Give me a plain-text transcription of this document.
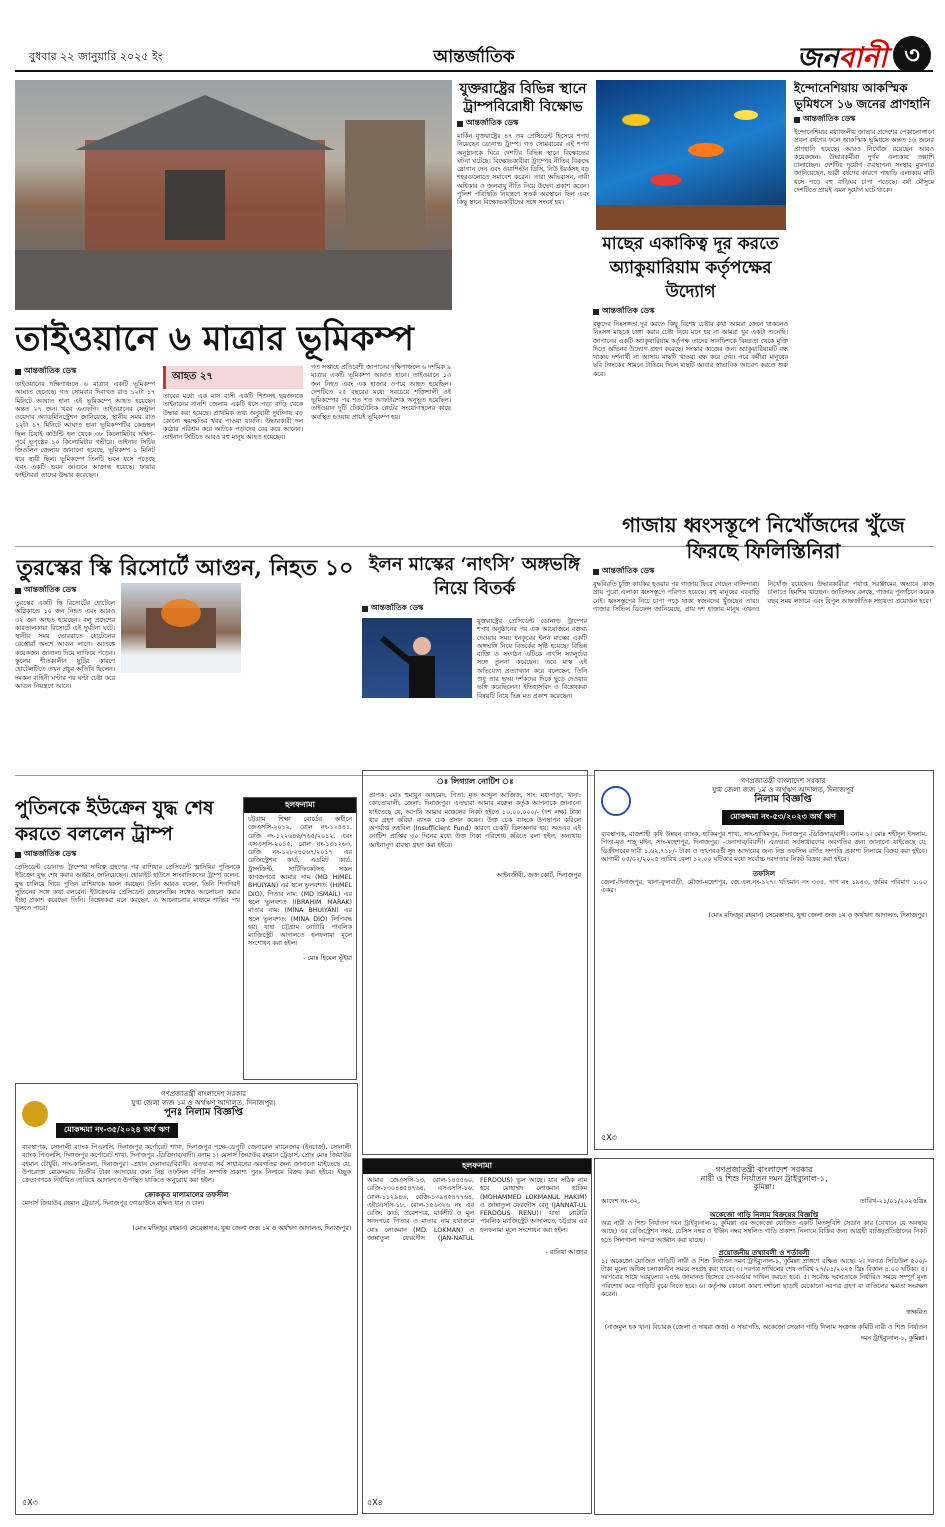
বুধবার ২২ জানুয়ারি ২০২৫ ইং	আন্তর্জাতিক	জনবানী ৩
যুক্তরাষ্ট্রের বিভিন্ন স্থানে ট্রাম্পবিরোধী বিক্ষোভ
আন্তর্জাতিক ডেস্ক
মার্কিন যুক্তরাষ্ট্রের ৪৭ তম প্রেসিডেন্ট হিসেবে শপথ নিয়েছেন ডোনাল্ড ট্রাম্প। গত সোমবারের এই শপথ অনুষ্ঠানকে ঘিরে দেশটির বিভিন্ন স্থানে বিক্ষোভের ঘটনা ঘটেছে। বিক্ষোভকারীরা ট্রাম্পের নীতির বিরুদ্ধে স্লোগান দেন এবং ওয়াশিংটন ডিসি, নিউ ইয়র্কসহ বড় শহরগুলোতে সমাবেশ করেন। তারা অভিবাসন, নারী অধিকার ও জলবায়ু নীতি নিয়ে উদ্বেগ প্রকাশ করেন। পুলিশ পরিস্থিতি নিয়ন্ত্রণে সতর্ক অবস্থানে ছিল এবং কিছু স্থানে বিক্ষোভকারীদের সঙ্গে সংঘর্ষ হয়।
মাছের একাকিত্ব দূর করতে অ্যাকুয়ারিয়াম কর্তৃপক্ষের উদ্যোগ
আন্তর্জাতিক ডেস্ক
বন্ধুদের নিঃসঙ্গতা দূর করতে কিছু বিশেষ চেষ্টার কথা আমরা জেনে থাকলেও নিঃসঙ্গ মাছকে চাঙ্গা করার চেষ্টা নিয়ে মনে হয় না আমরা খুব একটা শুনেছি। জাপানের একটি অ্যাকুয়ারিয়াম কর্তৃপক্ষ তাদের সানফিশকে বিষণ্ণতা থেকে মুক্তি দিতে অভিনব উদ্যোগ গ্রহণ করেছে। সংস্কার কাজের জন্য অ্যাকুয়ারিয়ামটি বন্ধ থাকায় দর্শনার্থী না আসায় মাছটি খাওয়া বন্ধ করে দেয়। পরে কর্মীরা মানুষের ছবি ট্যাংকের সামনে টাঙিয়ে দিলে মাছটি আবার স্বাভাবিক আচরণ করতে শুরু করে।
ইন্দোনেশিয়ায় আকস্মিক ভূমিধসে ১৬ জনের প্রাণহানি
আন্তর্জাতিক ডেস্ক
ইন্দোনেশিয়ার মধ্যাঞ্চলীয় জাভার প্রদেশের পেকালোঙ্গানে প্রবল বর্ষণের ফলে আকস্মিক ভূমিধসে অন্তত ১৬ জনের প্রাণহানি হয়েছে। আরও নিখোঁজ রয়েছেন আরও কয়েকজন। উদ্ধারকর্মীরা দুর্গম এলাকায় তল্লাশি চালাচ্ছেন। দেশটির দুর্যোগ ব্যবস্থাপনা সংস্থার মুখপাত্র জানিয়েছেন, ভারী বর্ষণের কারণে পাহাড়ি এলাকায় মাটি ধসে পড়ে বহু বাড়িঘর চাপা পড়েছে। বর্ষা মৌসুমে দেশটিতে প্রায়ই এমন দুর্যোগ ঘটে থাকে।
তাইওয়ানে ৬ মাত্রার ভূমিকম্প
আন্তর্জাতিক ডেস্ক
তাইওয়ানের দক্ষিণাঞ্চলে ৬ মাত্রার একটি ভূমিকম্প আঘাত হেনেছে। গত সোমবার দিবাগত রাত ১২টা ১৭ মিনিটে আঘাত হানা এই ভূমিকম্পে আহত হয়েছেন অন্তত ২৭ জন। খবর এএফপি। তাইওয়ানের সেন্ট্রাল ওয়েদার অ্যাডমিনিস্ট্রেশন জানিয়েছে, স্থানীয় সময় রাত ১২টা ১৭ মিনিটে আঘাত হানা ভূমিকম্পটির কেন্দ্রস্থল ছিল চিয়াই কাউন্টি হল থেকে ৩৮ কিলোমিটার দক্ষিণ-পূর্বে ভূপৃষ্ঠের ১০ কিলোমিটার গভীরে। তাইনান সিটির জিওলিন জেলায় জানানো হয়েছে, ভূমিকম্প ১ মিনিট ধরে স্থায়ী ছিল। ভূমিকম্পে তিনটি ভবন ধসে পড়েছে এবং একটি ভবন আগুনে আক্রান্ত হয়েছে। ফায়ার ফাইটাররা তাদের উদ্ধার করেছেন।
আহত ২৭
তারের মধ্যে এক মাস বাসী একটি শিশুসহ ছয়জনকে তাইনানের নানশি জেলায় একটি ধসে পড়া বাড়ি থেকে উদ্ধার করা হয়েছে। প্রাথমিক তথ্য অনুযায়ী দুর্ঘটনায় বড় কোনো ক্ষয়ক্ষতির খবর পাওয়া যায়নি। উদ্ধারকারী দল কঠোর পরিশ্রম করে আটকে পড়াদের বের করে আনেন। তাইনান সিটিতে আরও বহু মানুষ আহত হয়েছেন।
গত সপ্তাহে প্রতিবেশী জাপানের দক্ষিণাঞ্চলে ৬ দশমিক ৯ মাত্রার একটি ভূমিকম্প আঘাত হানে। তাইওয়ানে ১৩ জন নিহত এবং এক হাজার ওপরে আহত হয়েছিল। দেশটিতে ২৫ বছরের মধ্যে সবচেয়ে শক্তিশালী ওই ভূমিকম্পের পর শত শত আফটারশক অনুভূত হয়েছিল। তাইওয়ান দুটি টেকটোনিক প্লেটের সংযোগস্থলের কাছে অবস্থিত হওয়ায় প্রায়ই ভূমিকম্প হয়।
গাজায় ধ্বংসস্তূপে নিখোঁজদের খুঁজে ফিরছে ফিলিস্তিনিরা
আন্তর্জাতিক ডেস্ক
যুদ্ধবিরতি চুক্তি কার্যকর হওয়ার পর গাজায় ফিরে গেছেন বাসিন্দারা। প্রায় পুরো এলাকা ধ্বংসস্তূপে পরিণত হয়েছে। বহু মানুষের ঘরবাড়ি নেই। ধ্বংসস্তূপের নিচে চাপা পড়ে থাকা স্বজনদের খুঁজছেন তারা। গাজার সিভিল ডিফেন্স জানিয়েছে, প্রায় দশ হাজার মানুষ এখনও নিখোঁজ রয়েছেন। উদ্ধারকারীরা পর্যাপ্ত সরঞ্জামের অভাবে কাজ চালাতে হিমশিম খাচ্ছেন। জাতিসংঘ বলছে, গাজার পুনর্গঠনে কয়েক বছর সময় লাগবে এবং বিপুল আন্তর্জাতিক সহায়তা প্রয়োজন হবে।
তুরস্কের স্কি রিসোর্টে আগুন, নিহত ১০
আন্তর্জাতিক ডেস্ক
তুরস্কের একটি স্কি রিসোর্টের হোটেলে অগ্নিকাণ্ডে ১০ জন নিহত এবং আরও ৩২ জন আহত হয়েছেন। বলু প্রদেশের কারতালকায়া রিসোর্টে এই দুর্ঘটনা ঘটে। স্থানীয় সময় ভোররাতে হোটেলের রেস্তোরাঁ অংশে আগুন লাগে। আতঙ্কে কয়েকজন জানালা দিয়ে লাফিয়ে পড়েন। স্কুলের শীতকালীন ছুটির কারণে হোটেলটিতে তখন প্রচুর অতিথি ছিলেন। দমকল বাহিনী ঘণ্টার পর ঘণ্টা চেষ্টা করে আগুন নিয়ন্ত্রণে আনে।
ইলন মাস্কের ‘নাৎসি’ অঙ্গভঙ্গি নিয়ে বিতর্ক
আন্তর্জাতিক ডেস্ক
যুক্তরাষ্ট্রের প্রেসিডেন্ট ডোনাল্ড ট্রাম্পের শপথ অনুষ্ঠানের পর এক আয়োজনে বক্তব্য দেওয়ার সময় ধনকুবের ইলন মাস্কের একটি অঙ্গভঙ্গি নিয়ে বিতর্কের সৃষ্টি হয়েছে। বিভিন্ন ব্যক্তি ও সংগঠন এটিকে নাৎসি স্যালুটের সঙ্গে তুলনা করেছেন। তবে মাস্ক এই অভিযোগ প্রত্যাখ্যান করে বলেছেন, তিনি শুধু তার হৃদয় দর্শকদের দিকে ছুড়ে দেওয়ার ভঙ্গি করেছিলেন। ইতিহাসবিদ ও বিশ্লেষকরা বিষয়টি নিয়ে ভিন্ন মত প্রকাশ করেছেন।
পুতিনকে ইউক্রেন যুদ্ধ শেষ করতে বললেন ট্রাম্প
আন্তর্জাতিক ডেস্ক
প্রেসিডেন্ট ডোনাল্ড ট্রাম্পের দায়িত্ব গ্রহণের পর রাশিয়ার প্রেসিডেন্ট ভ্লাদিমির পুতিনকে ইউক্রেন যুদ্ধ শেষ করার আহ্বান জানিয়েছেন। হোয়াইট হাউসে সাংবাদিকদের ট্রাম্প বলেন, যুদ্ধ চালিয়ে গিয়ে পুতিন রাশিয়াকে ধ্বংস করছেন। তিনি আরও বলেন, তিনি শিগগিরই পুতিনের সঙ্গে কথা বলবেন। ইউক্রেনের প্রেসিডেন্ট জেলেনস্কির সঙ্গেও আলোচনা করার ইচ্ছা প্রকাশ করেছেন তিনি। বিশ্লেষকরা মনে করছেন, এ আলোচনার মাধ্যমে শান্তির পথ খুলতে পারে।
হলফনামা
চট্টগ্রাম শিক্ষা বোর্ডের অধীনে জেএসসি-২০১২, রোল নং-১২৪৪১, রেজি নং-১২২৬৪৬/৭৬৫/২০১২, এবং এসএসসি-২০১৫, রোল নং-১৩১২৬৩, রেজি নং-১২৮২৪০৬৭/২০১৭ এর রেজিস্ট্রেশন কার্ড, এডমিট কার্ড, ট্রান্সক্রিপ্ট, সার্টিফিকেটসহ সকল কাগজপত্রে আমার নাম (MD HIMEL BHUIYAN) এর স্থলে ভুলবশত: (HIMEL DIO), পিতার নাম: (MD ISMAIL) এর স্থলে ভুলবশত (IBRAHIM MARAK) মাতার নাম: (MINA BHUIYAN) এর স্থলে ভুলবশত: (MINA DIO) লিপিবদ্ধ হয়। যাহা চট্টগ্রাম নোটারি পাবলিক ম্যাজিস্ট্রেট আদালতে হলফনামা মূলে সংশোধন করা হইল।
- মোঃ হিমেল ভূঁইয়া
ঃ লিগ্যাল নোটিশ ঃ
প্রাপক: মোঃ হুমায়ুন আহমেদ, পিতা: মৃত আব্দুল আজিজ, সাং: মধ্যপাড়া, থানা: কোতোয়ালী, জেলা: দিনাজপুর। এতদ্বারা আমার মক্কেল কর্তৃক আপনাকে জানানো যাইতেছে যে, আপনি আমার মক্কেলের নিকট হইতে ১০,০০,০০০/- (দশ লক্ষ) টাকা ধার গ্রহণ করিয়া ব্যাংক চেক প্রদান করেন। উক্ত চেক ব্যাংকে উপস্থাপন করিলে অপর্যাপ্ত তহবিল (Insufficient Fund) কারণে চেকটি ডিসঅনার হয়। অতএব এই নোটিশ প্রাপ্তির ৩০ দিনের মধ্যে উক্ত টাকা পরিশোধ করিতে বলা হইল, অন্যথায় আইনানুগ ব্যবস্থা গ্রহণ করা হইবে।
আইনজীবী, জজ কোর্ট, দিনাজপুর
গণপ্রজাতন্ত্রী বাংলাদেশ সরকার
যুগ্ম জেলা জজ ১ম ও অর্থঋণ আদালত, দিনাজপুর
নিলাম বিজ্ঞপ্তি
মোকদ্দমা নং-৫৩/২০২৩ অর্থ ঋণ
ব্যবস্থাপক, রাজশাহী কৃষি উন্নয়ন ব্যাংক, হাকিমপুর শাখা, সাং-হাকিমপুর, দিনাজপুর -ডিক্রিদার/বাদী। বনাম ১। মোঃ শহীদুল ইসলাম, পিতা-মৃত শাহ্ মঈন, সাং-মহেশপুর, দিনাজপুর। -দেনাদার/বিবাদী। এতদ্বারা সর্বসাধারণের অবগতির জন্য জানানো যাইতেছে যে, ডিক্রীদারের দাবী ১,৬২,৭১৮/- টাকা ও তৎপরবর্তী সুদ আদায়ের জন্য নিম্ন তফসিল বর্ণিত সম্পত্তি প্রকাশ্য নিলামে বিক্রয় করা হইবে। আগামী ০৫/০২/২০২৫ তারিখ বেলা ১২.০০ ঘটিকার মধ্যে সর্বোচ্চ দরদাতার নিকট বিক্রয় করা হইবে।
তফসিল
জেলা-দিনাজপুর, থানা-ফুলবাড়ী, মৌজা-মহেশপুর, জে.এল.নং-১২৭। খতিয়ান নং ৩৩৫, দাগ নং ১৯৪৩, জমির পরিমাণ ১.০০ একর।
(মোঃ মফিজুর রহমান) সেরেস্তাদার, যুগ্ম জেলা জজ ১ম ও অর্থঋণ আদালত, দিনাজপুর।
৫X৩
গণপ্রজাতন্ত্রী বাংলাদেশ সরকার
যুগ্ম জেলা জজ ১ম ও অর্থঋণ আদালত, দিনাজপুর।
পুনঃ নিলাম বিজ্ঞপ্তি
মোকদ্দমা নং-৩৫/২০২৪ অর্থ ঋণ
ব্যবস্থাপক, সোনালী ব্যাংক পিএলসি, দিনাজপুর কর্পোরেট শাখা, দিনাজপুর পক্ষে-ডেপুটি জেনারেল ম্যানেজার (ইনচার্জ), সোনালী ব্যাংক পিএলসি, দিনাজপুর কর্পোরেট শাখা, দিনাজপুর -ডিক্রিদার/বাদী। বনাম ১। মেসার্স জিয়াউর রহমান ট্রেডার্স, প্রোঃ মোঃ জিয়াউর রহমান চৌধুরী, সাং-কালিতলা, দিনাজপুর। -প্রধান দেনাদার/বিবাদী। এতদ্বারা সর্ব সাধারণের অবগতির জন্য জানানো যাইতেছে যে, উপরোক্ত মোকদ্দমায় ডিক্রীর টাকা আদায়ের জন্য নিম্ন তফসিল বর্ণিত সম্পত্তি প্রকাশ্য পুনঃ নিলামে বিক্রয় করা হইবে। ইচ্ছুক ক্রেতাগণকে নির্ধারিত তারিখে আদালতে উপস্থিত থাকিতে অনুরোধ করা হইল।
ক্রোককৃত মালামালের তফসীল
মেসার্স জিয়াউর রহমান ট্রেডার্স, দিনাজপুর গোডাউনে রক্ষিত ধান ও চাল।
(মোঃ মফিজুর রহমান) সেরেস্তাদার, যুগ্ম জেলা জজ ১ম ও অর্থঋণ আদালত, দিনাজপুর।
৫X৩
হলফনামা
আমার জেএসসি-১৩, রোল-১৪৫৫৬০, রেজি-১৩০৪৪৫৪৭৬৪, এসএসসি-১৬, রোল-১১২৯৪৬, রেজি-১৩৯৪৫৪৭৭৬৪, এইচএসসি-১৮, রোল-১৫৬৩২৬ নং এর রেজি: কার্ড, প্রবেশপত্র, মার্কশীট ও মূল সনদপত্রে পিতার ও মাতার নাম যথাক্রমে মোঃ লোকমান (MD. LOKMAN) ও জান্নাতুল ফেরদৌস (JAN-NATUL FERDOUS) ভুল আছে। যার সঠিক নাম হবে মোহাম্মদ লোকমান হাকিম (MOHAMMED LOKMANUL HAKIM) ও জান্নাতুল ফেরদৌস রেনু (JANNAT-UL FERDOUS RENU)। যাহা নোটারি পাবলিক ম্যাজিস্ট্রেট আদালতে, চট্টগ্রাম এর হলফনামা মূলে সংশোধন করা হইল।
- রানিয়া আক্তার
৫X৪
গণপ্রজাতন্ত্রী বাংলাদেশ সরকার
নারী ও শিশু নির্যাতন দমন ট্রাইব্যুনাল-১,
কুমিল্লা।
আদেশ নং-৩২,	তারিখ-২১/০১/২০২৫খ্রিঃ
অকেজো গাড়ি নিলাম বিক্রয়ের বিজ্ঞপ্তি
অত্র নারী ও শিশু নির্যাতন দমন ট্রাইব্যুনাল-১, কুমিল্লা এর অকেজো যোজিত একটি মিতসুবিশি সেডান কার (যেখানে যে অবস্থায় আছে) এর রেজিস্ট্রেশন নম্বর, চেসিস নম্বর ও ইঞ্জিন নম্বর সম্বলিত গাড়ি প্রকাশ্য নিলামে বিক্রির জন্য আগ্রহী ব্যক্তি/প্রতিষ্ঠানের নিকট হতে সিলগালা দরপত্র আহ্বান করা যাচ্ছে।
প্রয়োজনীয় তথ্যাবলী ও শর্তাবলী
১। অকেজো যোজিত গাড়িটি নারী ও শিশু নির্যাতন দমন ট্রাইব্যুনাল-১, কুমিল্লা প্রাঙ্গণে রক্ষিত আছে। ২। দরপত্র সিডিউল ৫০০/- টাকা মূল্যে অফিস চলাকালীন সময়ে সংগ্রহ করা যাবে। ৩। দরপত্র দাখিলের শেষ তারিখ ২৭/০১/২০২৫ খ্রিঃ বিকাল ৪.০০ ঘটিকা। ৪। দরপত্রের সাথে দরমূল্যের ২৫% জামানত হিসেবে পে-অর্ডার দাখিল করতে হবে। ৫। সর্বোচ্চ দরদাতাকে নির্ধারিত সময়ে সম্পূর্ণ মূল্য পরিশোধ করে গাড়িটি বুঝে নিতে হবে। ৬। কর্তৃপক্ষ কোনো কারণ দর্শানো ছাড়াই যেকোনো দরপত্র গ্রহণ বা বাতিলের ক্ষমতা সংরক্ষণ করেন।
স্বাক্ষরিত
(নাজমুল হক খান) বিচারক (জেলা ও দায়রা জজ) ও সভাপতি, অকেজো সেডান গাড়ি নিলাম সংক্রান্ত কমিটি নারী ও শিশু নির্যাতন দমন ট্রাইব্যুনাল-১, কুমিল্লা।
